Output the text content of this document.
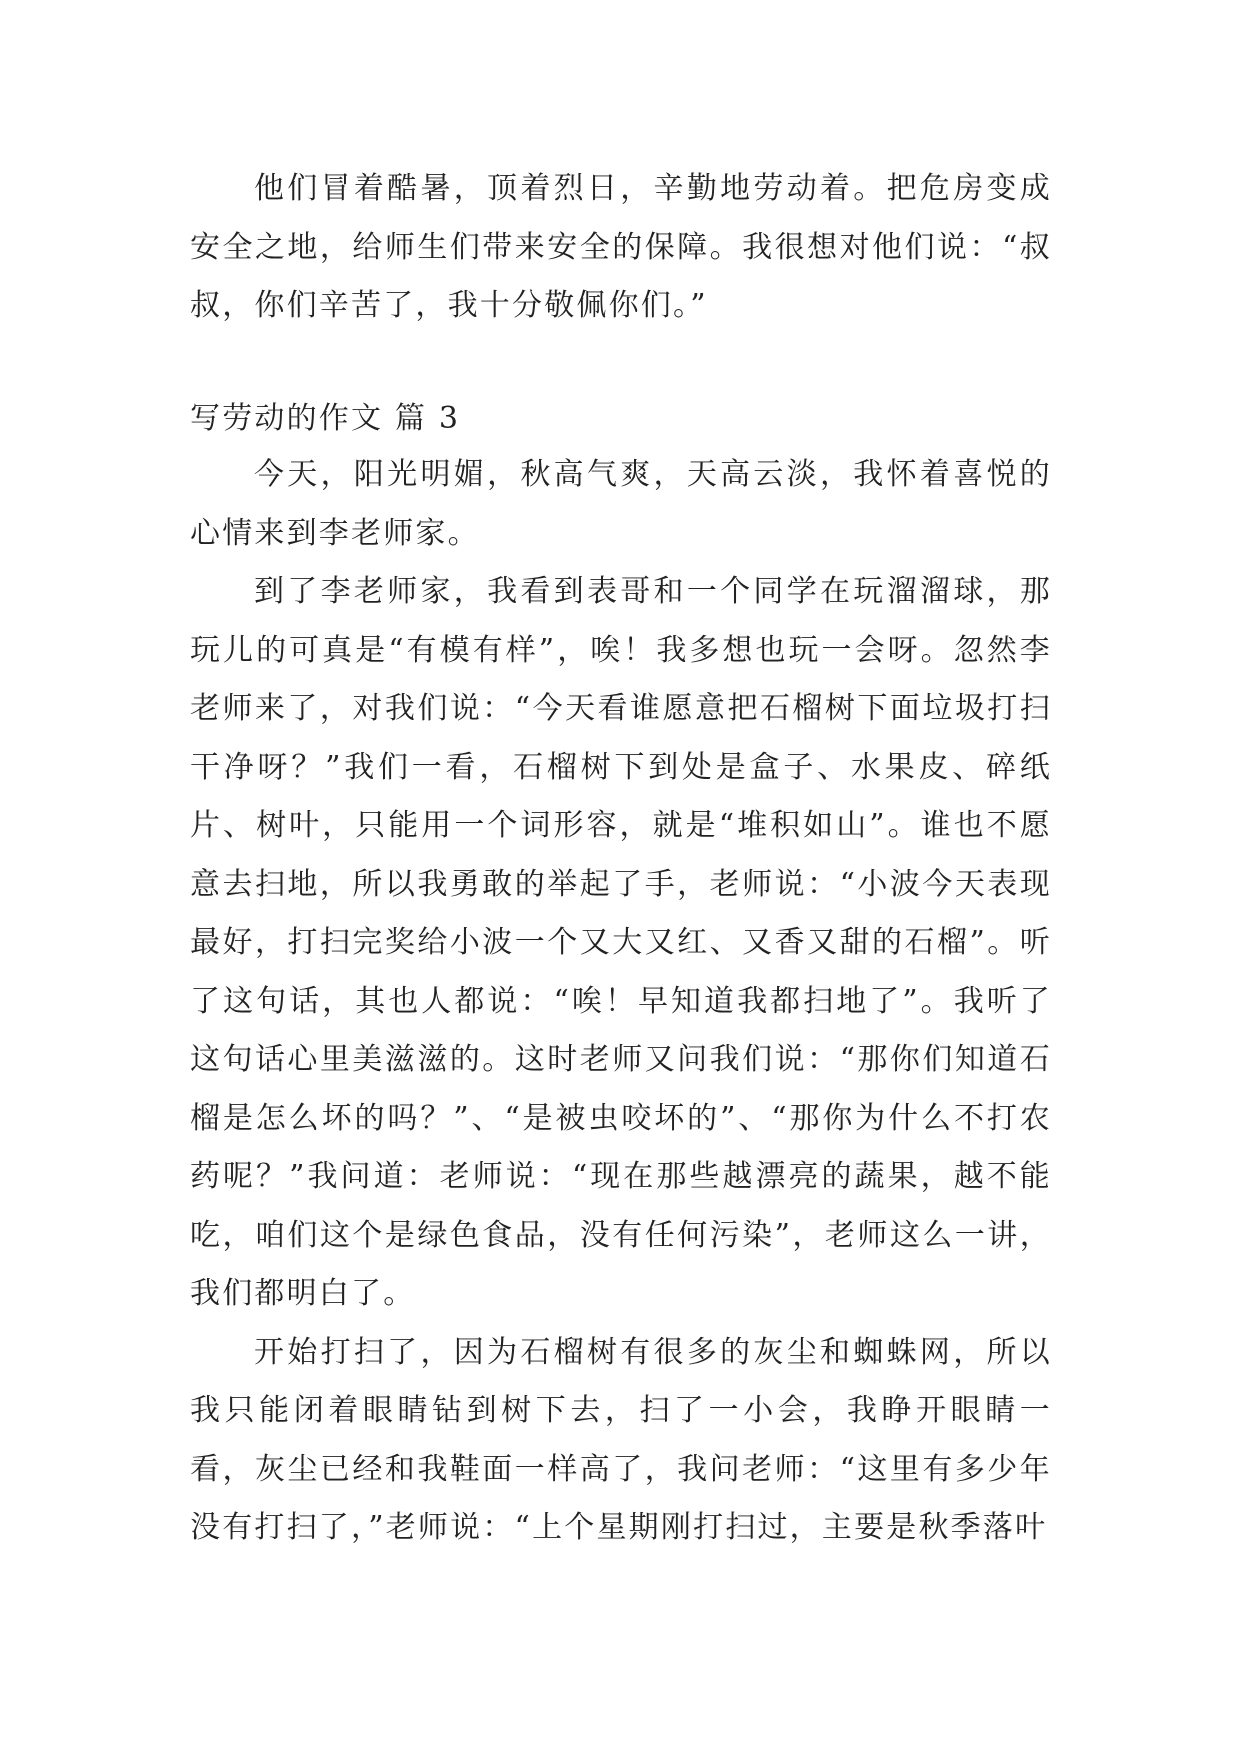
他们冒着酷暑，顶着烈日，辛勤地劳动着。把危房变成安全之地，给师生们带来安全的保障。我很想对他们说：“叔叔，你们辛苦了，我十分敬佩你们。”

写劳动的作文 篇 3

今天，阳光明媚，秋高气爽，天高云淡，我怀着喜悦的心情来到李老师家。

到了李老师家，我看到表哥和一个同学在玩溜溜球，那玩儿的可真是“有模有样”，唉！我多想也玩一会呀。忽然李老师来了，对我们说：“今天看谁愿意把石榴树下面垃圾打扫干净呀？”我们一看，石榴树下到处是盒子、水果皮、碎纸片、树叶，只能用一个词形容，就是“堆积如山”。谁也不愿意去扫地，所以我勇敢的举起了手，老师说：“小波今天表现最好，打扫完奖给小波一个又大又红、又香又甜的石榴”。听了这句话，其也人都说：“唉！早知道我都扫地了”。我听了这句话心里美滋滋的。这时老师又问我们说：“那你们知道石榴是怎么坏的吗？”、“是被虫咬坏的”、“那你为什么不打农药呢？”我问道：老师说：“现在那些越漂亮的蔬果，越不能吃，咱们这个是绿色食品，没有任何污染”，老师这么一讲，我们都明白了。

开始打扫了，因为石榴树有很多的灰尘和蜘蛛网，所以我只能闭着眼睛钻到树下去，扫了一小会，我睁开眼睛一看，灰尘已经和我鞋面一样高了，我问老师：“这里有多少年没有打扫了，”老师说：“上个星期刚打扫过，主要是秋季落叶
